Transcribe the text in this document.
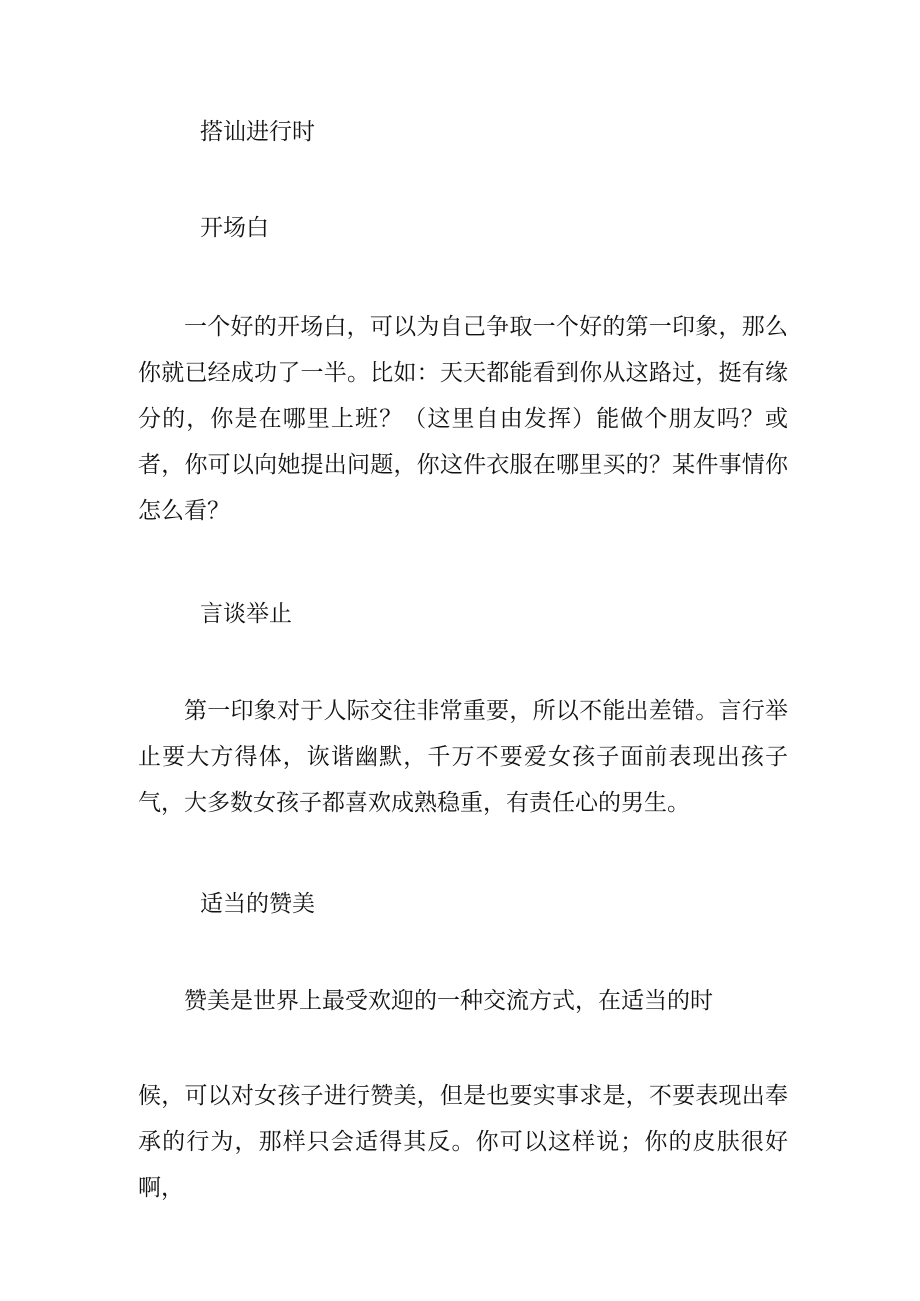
搭讪进行时
开场白

一个好的开场白，可以为自己争取一个好的第一印象，那么你就已经成功了一半。比如：天天都能看到你从这路过，挺有缘分的，你是在哪里上班？（这里自由发挥）能做个朋友吗？或者，你可以向她提出问题，你这件衣服在哪里买的？某件事情你怎么看？

言谈举止

第一印象对于人际交往非常重要，所以不能出差错。言行举止要大方得体，诙谐幽默，千万不要爱女孩子面前表现出孩子气，大多数女孩子都喜欢成熟稳重，有责任心的男生。

适当的赞美

赞美是世界上最受欢迎的一种交流方式，在适当的时

候，可以对女孩子进行赞美，但是也要实事求是，不要表现出奉承的行为，那样只会适得其反。你可以这样说；你的皮肤很好啊，
